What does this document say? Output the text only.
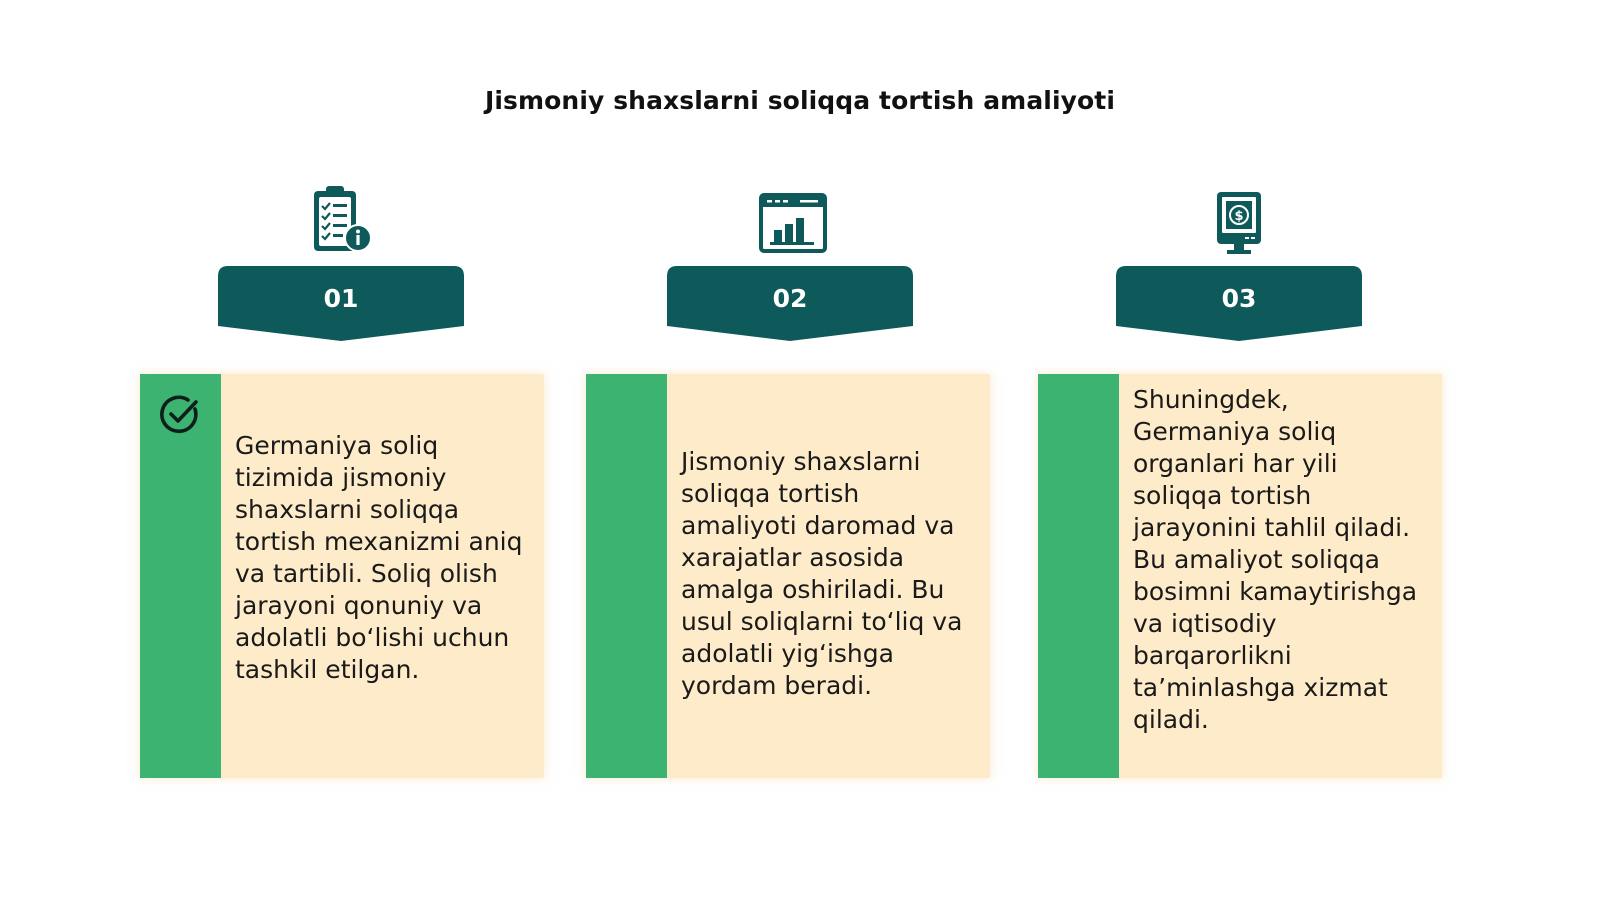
Jismoniy shaxslarni soliqqa tortish amaliyoti
01
Germaniya soliq tizimida jismoniy shaxslarni soliqqa tortish mexanizmi aniq va tartibli. Soliq olish jarayoni qonuniy va adolatli bo‘lishi uchun tashkil etilgan.
02
Jismoniy shaxslarni soliqqa tortish amaliyoti daromad va xarajatlar asosida amalga oshiriladi. Bu usul soliqlarni to‘liq va adolatli yig‘ishga yordam beradi.
$
03
Shuningdek, Germaniya soliq organlari har yili soliqqa tortish jarayonini tahlil qiladi. Bu amaliyot soliqqa bosimni kamaytirishga va iqtisodiy barqarorlikni ta’minlashga xizmat qiladi.
